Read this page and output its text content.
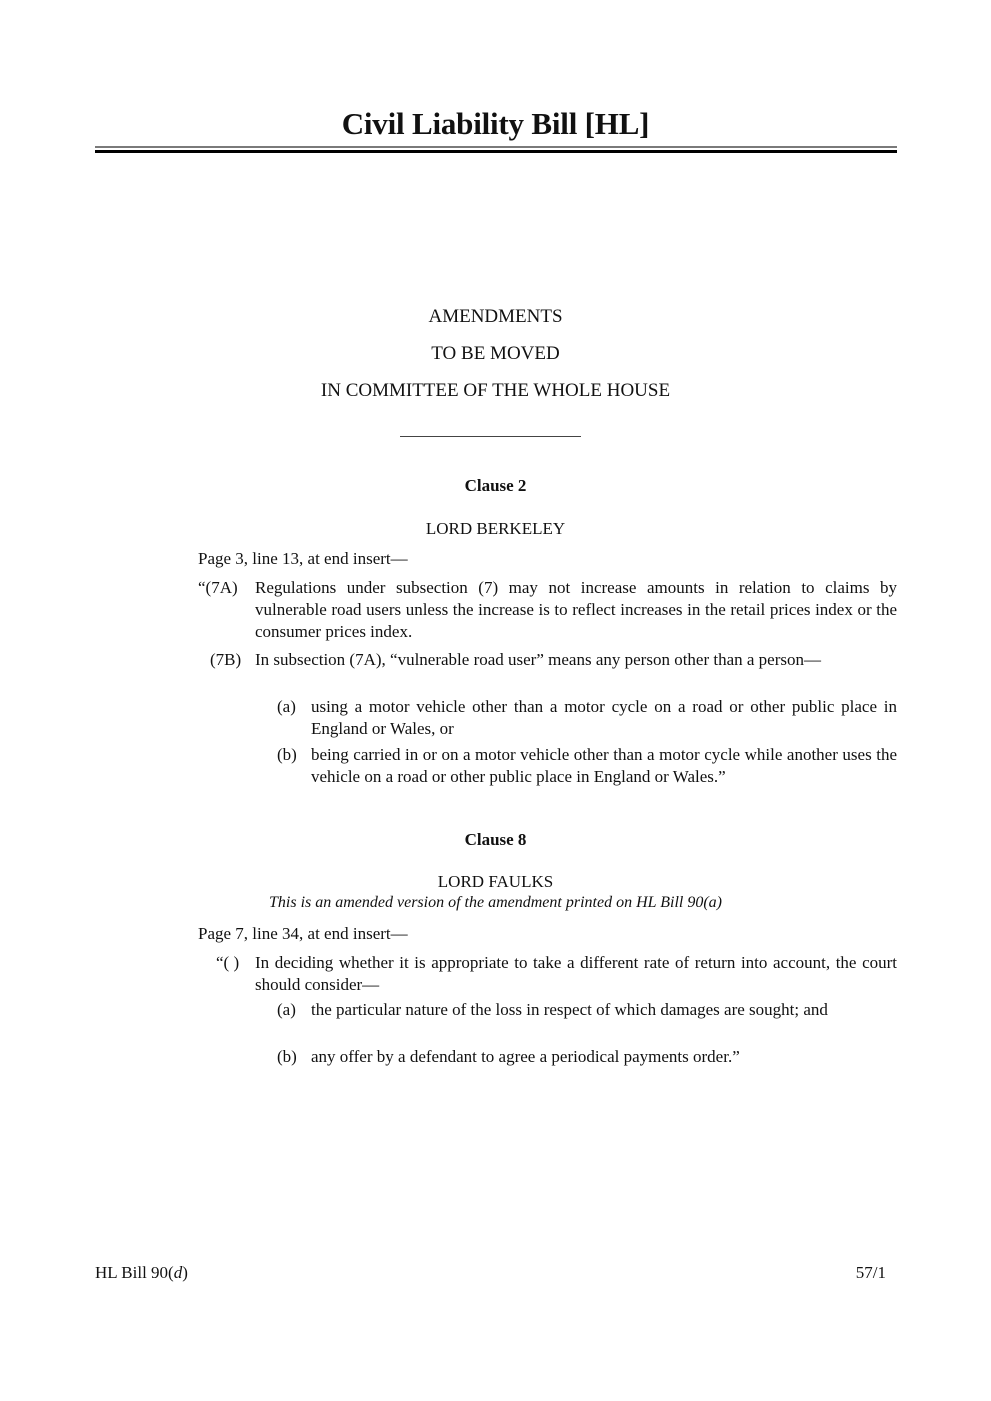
Civil Liability Bill [HL]
AMENDMENTS
TO BE MOVED
IN COMMITTEE OF THE WHOLE HOUSE
Clause 2
LORD BERKELEY
Page 3, line 13, at end insert—
“(7A)	Regulations under subsection (7) may not increase amounts in relation to claims by vulnerable road users unless the increase is to reflect increases in the retail prices index or the consumer prices index.
(7B) In subsection (7A), “vulnerable road user” means any person other than a person—
(a) using a motor vehicle other than a motor cycle on a road or other public place in England or Wales, or
(b) being carried in or on a motor vehicle other than a motor cycle while another uses the vehicle on a road or other public place in England or Wales.”
Clause 8
LORD FAULKS
This is an amended version of the amendment printed on HL Bill 90(a)
Page 7, line 34, at end insert—
“( ) In deciding whether it is appropriate to take a different rate of return into account, the court should consider—
(a) the particular nature of the loss in respect of which damages are sought; and
(b) any offer by a defendant to agree a periodical payments order.”
HL Bill 90(d)	57/1
